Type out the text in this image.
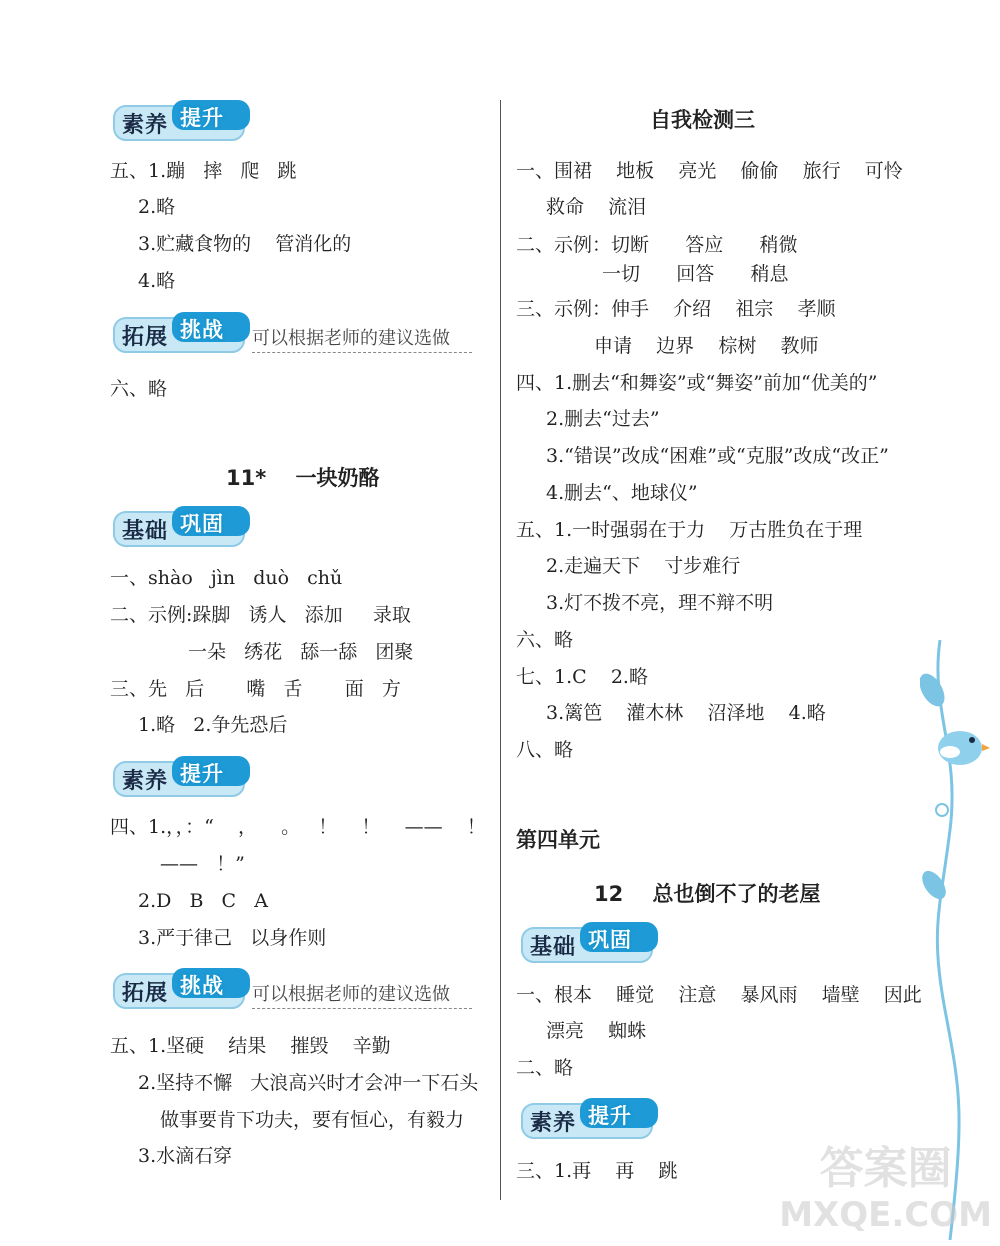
素养 提升
五、1.蹦   摔   爬   跳
2.略
3.贮藏食物的    管消化的
4.略
拓展 挑战 可以根据老师的建议选做
六、略
11*    一块奶酪
基础 巩固
一、shào   jìn   duò   chǔ
二、示例:跺脚   诱人   添加     录取
一朵   绣花   舔一舔   团聚
三、先   后       嘴   舌       面   方
1.略   2.争先恐后
素养 提升
四、1.，，：“    ，    。   ！    ！    ——    ！
——   ！”
2.D   B   C   A
3.严于律己   以身作则
拓展 挑战 可以根据老师的建议选做
五、1.坚硬    结果    摧毁    辛勤
2.坚持不懈   大浪高兴时才会冲一下石头
做事要肯下功夫，要有恒心，有毅力
3.水滴石穿
自我检测三
一、围裙    地板    亮光    偷偷    旅行    可怜
救命    流泪
二、示例：切断      答应      稍微
一切      回答      稍息
三、示例：伸手    介绍    祖宗    孝顺
申请    边界    棕树    教师
四、1.删去“和舞姿”或“舞姿”前加“优美的”
2.删去“过去”
3.“错误”改成“困难”或“克服”改成“改正”
4.删去“、地球仪”
五、1.一时强弱在于力    万古胜负在于理
2.走遍天下    寸步难行
3.灯不拨不亮，理不辩不明
六、略
七、1.C    2.略
3.篱笆    灌木林    沼泽地    4.略
八、略
第四单元
12    总也倒不了的老屋
基础 巩固
一、根本    睡觉    注意    暴风雨    墙壁    因此
漂亮    蜘蛛
二、略
素养 提升
三、1.再    再    跳	答案圈
MXQE.COM
